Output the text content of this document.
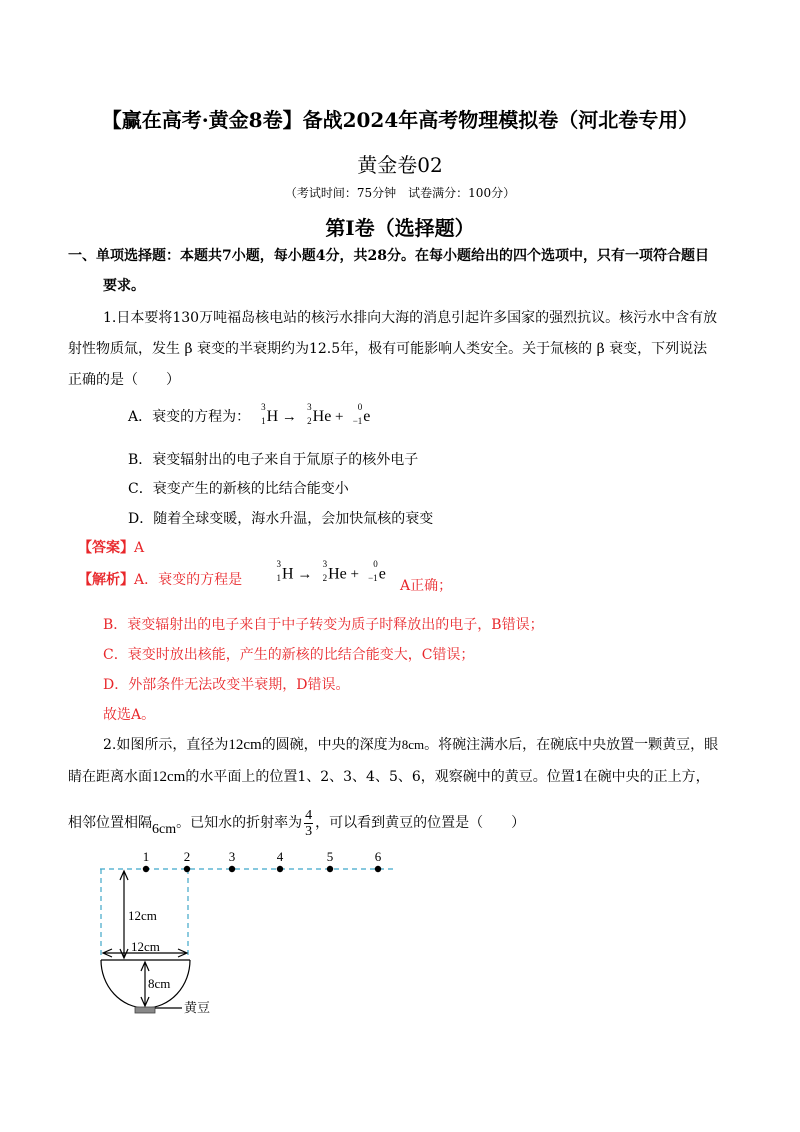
【赢在高考·黄金8卷】备战2024年高考物理模拟卷（河北卷专用）
黄金卷02
（考试时间：75分钟　试卷满分：100分）
第Ⅰ卷（选择题）
一、单项选择题：本题共7小题，每小题4分，共28分。在每小题给出的四个选项中，只有一项符合题目
要求。
1.日本要将130万吨福岛核电站的核污水排向大海的消息引起许多国家的强烈抗议。核污水中含有放
射性物质氚，发生 β 衰变的半衰期约为12.5年，极有可能影响人类安全。关于氚核的 β 衰变，下列说法
正确的是（　　）
A．衰变的方程为：
3
1 H →
3
2 He +
0
−1 e
B．衰变辐射出的电子来自于氚原子的核外电子
C．衰变产生的新核的比结合能变小
D．随着全球变暖，海水升温，会加快氚核的衰变
【答案】A
【解析】A．衰变的方程是
3
1 H →
3
2 He +
0
−1 e
A正确；
B．衰变辐射出的电子来自于中子转变为质子时释放出的电子，B错误；
C．衰变时放出核能，产生的新核的比结合能变大，C错误；
D．外部条件无法改变半衰期，D错误。
故选A。
2.如图所示，直径为12cm的圆碗，中央的深度为8cm。将碗注满水后，在碗底中央放置一颗黄豆，眼
睛在距离水面12cm的水平面上的位置1、2、3、4、5、6，观察碗中的黄豆。位置1在碗中央的正上方，
相邻位置相隔6cm。已知水的折射率为 $\frac{4}{3}$ ，可以看到黄豆的位置是（　　）
1	2	3	4	5	6
12cm
12cm
8cm
黄豆
